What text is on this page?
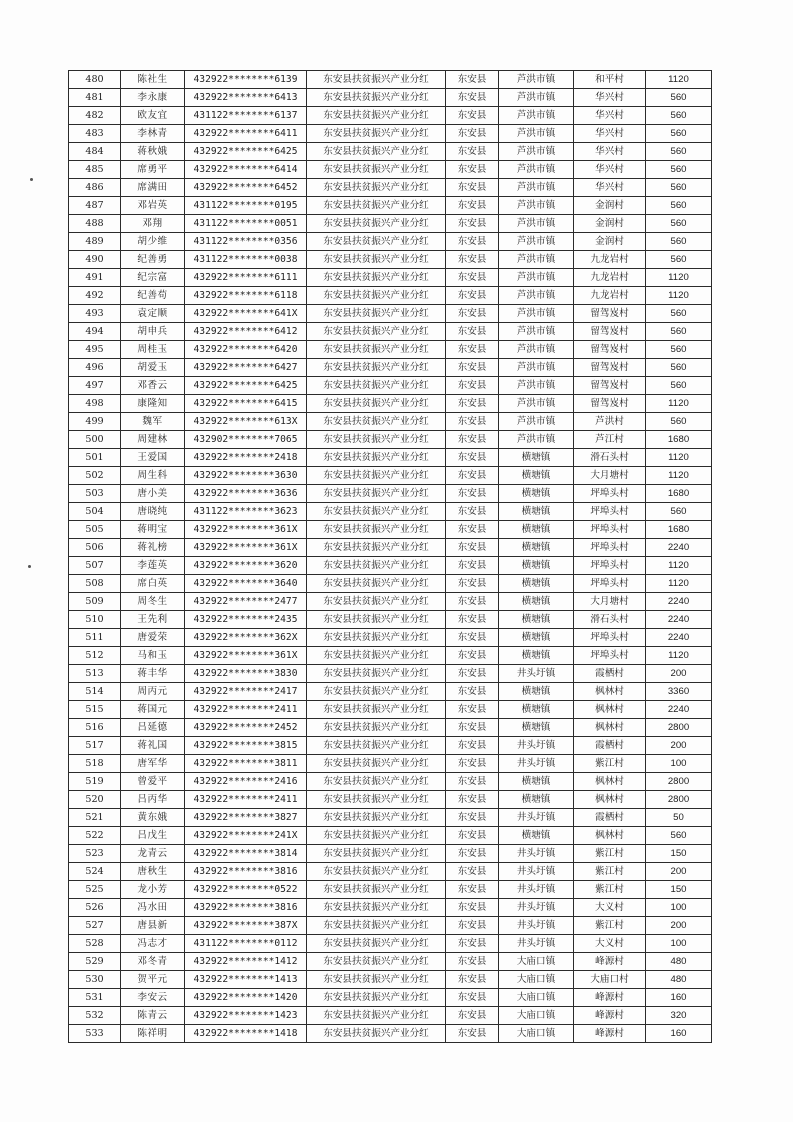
480	陈社生	432922********6139	东安县扶贫振兴产业分红	东安县	芦洪市镇	和平村	1120
481	李永康	432922********6413	东安县扶贫振兴产业分红	东安县	芦洪市镇	华兴村	560
482	欧友宜	431122********6137	东安县扶贫振兴产业分红	东安县	芦洪市镇	华兴村	560
483	李林青	432922********6411	东安县扶贫振兴产业分红	东安县	芦洪市镇	华兴村	560
484	蒋秋娥	432922********6425	东安县扶贫振兴产业分红	东安县	芦洪市镇	华兴村	560
485	席勇平	432922********6414	东安县扶贫振兴产业分红	东安县	芦洪市镇	华兴村	560
486	席满田	432922********6452	东安县扶贫振兴产业分红	东安县	芦洪市镇	华兴村	560
487	邓岩英	431122********0195	东安县扶贫振兴产业分红	东安县	芦洪市镇	金润村	560
488	邓翔	431122********0051	东安县扶贫振兴产业分红	东安县	芦洪市镇	金润村	560
489	胡少维	431122********0356	东安县扶贫振兴产业分红	东安县	芦洪市镇	金润村	560
490	纪善勇	431122********0038	东安县扶贫振兴产业分红	东安县	芦洪市镇	九龙岩村	560
491	纪宗富	432922********6111	东安县扶贫振兴产业分红	东安县	芦洪市镇	九龙岩村	1120
492	纪善苟	432922********6118	东安县扶贫振兴产业分红	东安县	芦洪市镇	九龙岩村	1120
493	袁定顺	432922********641X	东安县扶贫振兴产业分红	东安县	芦洪市镇	留驾岌村	560
494	胡申兵	432922********6412	东安县扶贫振兴产业分红	东安县	芦洪市镇	留驾岌村	560
495	周桂玉	432922********6420	东安县扶贫振兴产业分红	东安县	芦洪市镇	留驾岌村	560
496	胡爱玉	432922********6427	东安县扶贫振兴产业分红	东安县	芦洪市镇	留驾岌村	560
497	邓香云	432922********6425	东安县扶贫振兴产业分红	东安县	芦洪市镇	留驾岌村	560
498	康隆知	432922********6415	东安县扶贫振兴产业分红	东安县	芦洪市镇	留驾岌村	1120
499	魏军	432922********613X	东安县扶贫振兴产业分红	东安县	芦洪市镇	芦洪村	560
500	周建林	432902********7065	东安县扶贫振兴产业分红	东安县	芦洪市镇	芦江村	1680
501	王爱国	432922********2418	东安县扶贫振兴产业分红	东安县	横塘镇	滑石头村	1120
502	周生科	432922********3630	东安县扶贫振兴产业分红	东安县	横塘镇	大月塘村	1120
503	唐小美	432922********3636	东安县扶贫振兴产业分红	东安县	横塘镇	坪埠头村	1680
504	唐晓纯	431122********3623	东安县扶贫振兴产业分红	东安县	横塘镇	坪埠头村	560
505	蒋明宝	432922********361X	东安县扶贫振兴产业分红	东安县	横塘镇	坪埠头村	1680
506	蒋礼榜	432922********361X	东安县扶贫振兴产业分红	东安县	横塘镇	坪埠头村	2240
507	李莲英	432922********3620	东安县扶贫振兴产业分红	东安县	横塘镇	坪埠头村	1120
508	席白英	432922********3640	东安县扶贫振兴产业分红	东安县	横塘镇	坪埠头村	1120
509	周冬生	432922********2477	东安县扶贫振兴产业分红	东安县	横塘镇	大月塘村	2240
510	王先利	432922********2435	东安县扶贫振兴产业分红	东安县	横塘镇	滑石头村	2240
511	唐爱荣	432922********362X	东安县扶贫振兴产业分红	东安县	横塘镇	坪埠头村	2240
512	马和玉	432922********361X	东安县扶贫振兴产业分红	东安县	横塘镇	坪埠头村	1120
513	蒋丰华	432922********3830	东安县扶贫振兴产业分红	东安县	井头圩镇	霞栖村	200
514	周丙元	432922********2417	东安县扶贫振兴产业分红	东安县	横塘镇	枫林村	3360
515	蒋国元	432922********2411	东安县扶贫振兴产业分红	东安县	横塘镇	枫林村	2240
516	吕延德	432922********2452	东安县扶贫振兴产业分红	东安县	横塘镇	枫林村	2800
517	蒋礼国	432922********3815	东安县扶贫振兴产业分红	东安县	井头圩镇	霞栖村	200
518	唐军华	432922********3811	东安县扶贫振兴产业分红	东安县	井头圩镇	紫江村	100
519	曾爱平	432922********2416	东安县扶贫振兴产业分红	东安县	横塘镇	枫林村	2800
520	吕丙华	432922********2411	东安县扶贫振兴产业分红	东安县	横塘镇	枫林村	2800
521	黄东娥	432922********3827	东安县扶贫振兴产业分红	东安县	井头圩镇	霞栖村	50
522	吕戊生	432922********241X	东安县扶贫振兴产业分红	东安县	横塘镇	枫林村	560
523	龙青云	432922********3814	东安县扶贫振兴产业分红	东安县	井头圩镇	紫江村	150
524	唐秋生	432922********3816	东安县扶贫振兴产业分红	东安县	井头圩镇	紫江村	200
525	龙小芳	432922********0522	东安县扶贫振兴产业分红	东安县	井头圩镇	紫江村	150
526	冯水田	432922********3816	东安县扶贫振兴产业分红	东安县	井头圩镇	大义村	100
527	唐县新	432922********387X	东安县扶贫振兴产业分红	东安县	井头圩镇	紫江村	200
528	冯志才	431122********0112	东安县扶贫振兴产业分红	东安县	井头圩镇	大义村	100
529	邓冬青	432922********1412	东安县扶贫振兴产业分红	东安县	大庙口镇	峰源村	480
530	贺平元	432922********1413	东安县扶贫振兴产业分红	东安县	大庙口镇	大庙口村	480
531	李安云	432922********1420	东安县扶贫振兴产业分红	东安县	大庙口镇	峰源村	160
532	陈青云	432922********1423	东安县扶贫振兴产业分红	东安县	大庙口镇	峰源村	320
533	陈祥明	432922********1418	东安县扶贫振兴产业分红	东安县	大庙口镇	峰源村	160
